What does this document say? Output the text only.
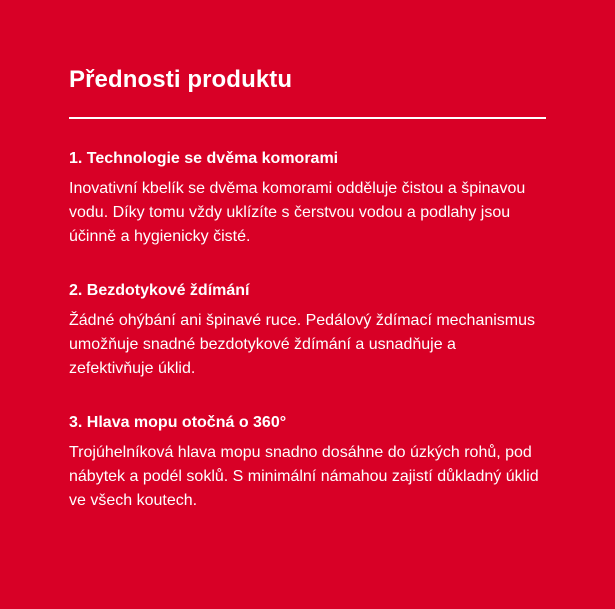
Přednosti produktu
1. Technologie se dvěma komorami

Inovativní kbelík se dvěma komorami odděluje čistou a špinavou vodu. Díky tomu vždy uklízíte s čerstvou vodou a podlahy jsou účinně a hygienicky čisté.

2. Bezdotykové ždímání

Žádné ohýbání ani špinavé ruce. Pedálový ždímací mechanismus umožňuje snadné bezdotykové ždímání a usnadňuje a zefektivňuje úklid.

3. Hlava mopu otočná o 360°

Trojúhelníková hlava mopu snadno dosáhne do úzkých rohů, pod nábytek a podél soklů. S minimální námahou zajistí důkladný úklid ve všech koutech.
